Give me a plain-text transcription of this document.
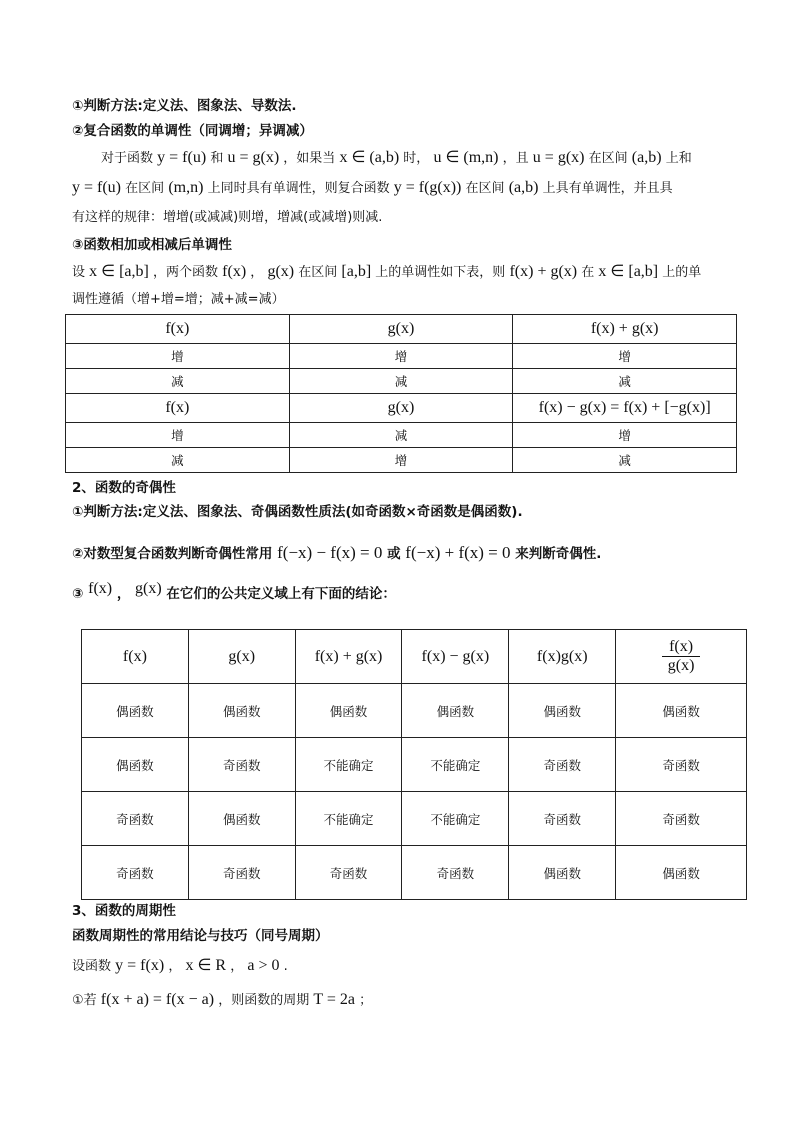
①判断方法:定义法、图象法、导数法.
②复合函数的单调性（同调增；异调减）
对于函数 y = f(u) 和 u = g(x) ，如果当 x ∈ (a,b) 时， u ∈ (m,n) ，且 u = g(x) 在区间 (a,b) 上和
y = f(u) 在区间 (m,n) 上同时具有单调性，则复合函数 y = f(g(x)) 在区间 (a,b) 上具有单调性，并且具
有这样的规律：增增(或减减)则增，增减(或减增)则减.
③函数相加或相减后单调性
设 x ∈ [a,b] ，两个函数 f(x) ， g(x) 在区间 [a,b] 上的单调性如下表，则 f(x) + g(x) 在 x ∈ [a,b] 上的单
调性遵循（增+增=增；减+减=减）
f(x)	g(x)	f(x) + g(x)
增	增	增
减	减	减
f(x)	g(x)	f(x) − g(x) = f(x) + [−g(x)]
增	减	增
减	增	减
2、函数的奇偶性
①判断方法:定义法、图象法、奇偶函数性质法(如奇函数×奇函数是偶函数).
②对数型复合函数判断奇偶性常用 f(−x) − f(x) = 0 或 f(−x) + f(x) = 0 来判断奇偶性.
③ f(x) ， g(x) 在它们的公共定义域上有下面的结论：
f(x)	g(x)	f(x) + g(x)	f(x) − g(x)	f(x)g(x)	$\frac{f(x)}{g(x)}$

偶函数	偶函数	偶函数	偶函数	偶函数	偶函数
偶函数	奇函数	不能确定	不能确定	奇函数	奇函数
奇函数	偶函数	不能确定	不能确定	奇函数	奇函数
奇函数	奇函数	奇函数	奇函数	偶函数	偶函数
3、函数的周期性
函数周期性的常用结论与技巧（同号周期）
设函数 y = f(x) ， x ∈ R ， a > 0 .
①若 f(x + a) = f(x − a) ，则函数的周期 T = 2a ；
